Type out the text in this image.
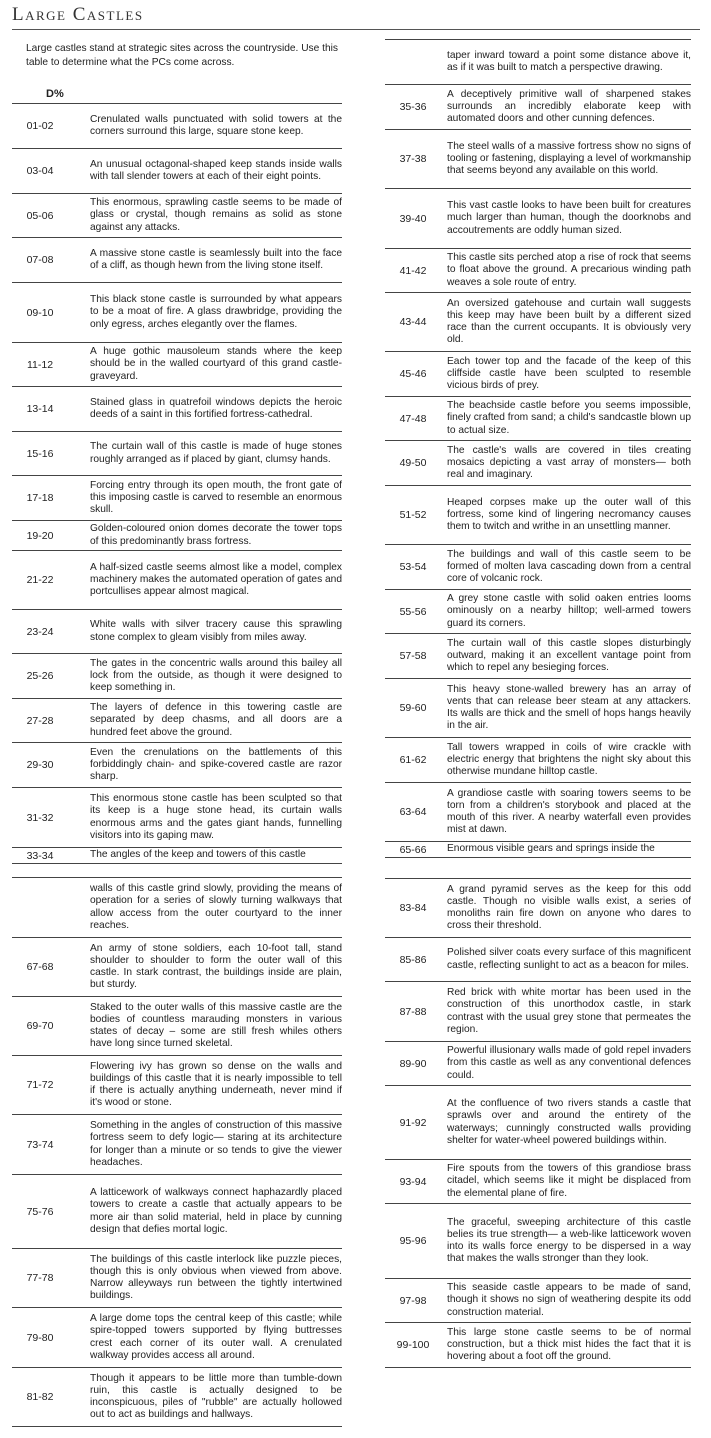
Large Castles
Large castles stand at strategic sites across the countryside. Use this table to determine what the PCs come across.
D%
taper inward toward a point some distance above it, as if it was built to match a perspective drawing.
walls of this castle grind slowly, providing the means of operation for a series of slowly turning walkways that allow access from the outer courtyard to the inner reaches.
01-02
Crenulated walls punctuated with solid towers at the corners surround this large, square stone keep.
03-04
An unusual octagonal-shaped keep stands inside walls with tall slender towers at each of their eight points.
05-06
This enormous, sprawling castle seems to be made of glass or crystal, though remains as solid as stone against any attacks.
07-08
A massive stone castle is seamlessly built into the face of a cliff, as though hewn from the living stone itself.
09-10
This black stone castle is surrounded by what appears to be a moat of fire. A glass drawbridge, providing the only egress, arches elegantly over the flames.
11-12
A huge gothic mausoleum stands where the keep should be in the walled courtyard of this grand castle-graveyard.
13-14
Stained glass in quatrefoil windows depicts the heroic deeds of a saint in this fortified fortress-cathedral.
15-16
The curtain wall of this castle is made of huge stones roughly arranged as if placed by giant, clumsy hands.
17-18
Forcing entry through its open mouth, the front gate of this imposing castle is carved to resemble an enormous skull.
19-20
Golden-coloured onion domes decorate the tower tops of this predominantly brass fortress.
21-22
A half-sized castle seems almost like a model, complex machinery makes the automated operation of gates and portcullises appear almost magical.
23-24
White walls with silver tracery cause this sprawling stone complex to gleam visibly from miles away.
25-26
The gates in the concentric walls around this bailey all lock from the outside, as though it were designed to keep something in.
27-28
The layers of defence in this towering castle are separated by deep chasms, and all doors are a hundred feet above the ground.
29-30
Even the crenulations on the battlements of this forbiddingly chain- and spike-covered castle are razor sharp.
31-32
This enormous stone castle has been sculpted so that its keep is a huge stone head, its curtain walls enormous arms and the gates giant hands, funnelling visitors into its gaping maw.
33-34	The angles of the keep and towers of this castle
35-36
A deceptively primitive wall of sharpened stakes surrounds an incredibly elaborate keep with automated doors and other cunning defences.
37-38
The steel walls of a massive fortress show no signs of tooling or fastening, displaying a level of workmanship that seems beyond any available on this world.
39-40
This vast castle looks to have been built for creatures much larger than human, though the doorknobs and accoutrements are oddly human sized.
41-42
This castle sits perched atop a rise of rock that seems to float above the ground. A precarious winding path weaves a sole route of entry.
43-44
An oversized gatehouse and curtain wall suggests this keep may have been built by a different sized race than the current occupants. It is obviously very old.
45-46
Each tower top and the facade of the keep of this cliffside castle have been sculpted to resemble vicious birds of prey.
47-48
The beachside castle before you seems impossible, finely crafted from sand; a child's sandcastle blown up to actual size.
49-50
The castle's walls are covered in tiles creating mosaics depicting a vast array of monsters— both real and imaginary.
51-52
Heaped corpses make up the outer wall of this fortress, some kind of lingering necromancy causes them to twitch and writhe in an unsettling manner.
53-54
The buildings and wall of this castle seem to be formed of molten lava cascading down from a central core of volcanic rock.
55-56
A grey stone castle with solid oaken entries looms ominously on a nearby hilltop; well-armed towers guard its corners.
57-58
The curtain wall of this castle slopes disturbingly outward, making it an excellent vantage point from which to repel any besieging forces.
59-60
This heavy stone-walled brewery has an array of vents that can release beer steam at any attackers. Its walls are thick and the smell of hops hangs heavily in the air.
61-62
Tall towers wrapped in coils of wire crackle with electric energy that brightens the night sky about this otherwise mundane hilltop castle.
63-64
A grandiose castle with soaring towers seems to be torn from a children's storybook and placed at the mouth of this river. A nearby waterfall even provides mist at dawn.
65-66	Enormous visible gears and springs inside the
67-68
An army of stone soldiers, each 10-foot tall, stand shoulder to shoulder to form the outer wall of this castle. In stark contrast, the buildings inside are plain, but sturdy.
69-70
Staked to the outer walls of this massive castle are the bodies of countless marauding monsters in various states of decay – some are still fresh whiles others have long since turned skeletal.
71-72
Flowering ivy has grown so dense on the walls and buildings of this castle that it is nearly impossible to tell if there is actually anything underneath, never mind if it's wood or stone.
73-74
Something in the angles of construction of this massive fortress seem to defy logic— staring at its architecture for longer than a minute or so tends to give the viewer headaches.
75-76
A latticework of walkways connect haphazardly placed towers to create a castle that actually appears to be more air than solid material, held in place by cunning design that defies mortal logic.
77-78
The buildings of this castle interlock like puzzle pieces, though this is only obvious when viewed from above. Narrow alleyways run between the tightly intertwined buildings.
79-80
A large dome tops the central keep of this castle; while spire-topped towers supported by flying buttresses crest each corner of its outer wall. A crenulated walkway provides access all around.
81-82
Though it appears to be little more than tumble-down ruin, this castle is actually designed to be inconspicuous, piles of "rubble" are actually hollowed out to act as buildings and hallways.
83-84
A grand pyramid serves as the keep for this odd castle. Though no visible walls exist, a series of monoliths rain fire down on anyone who dares to cross their threshold.
85-86
Polished silver coats every surface of this magnificent castle, reflecting sunlight to act as a beacon for miles.
87-88
Red brick with white mortar has been used in the construction of this unorthodox castle, in stark contrast with the usual grey stone that permeates the region.
89-90
Powerful illusionary walls made of gold repel invaders from this castle as well as any conventional defences could.
91-92
At the confluence of two rivers stands a castle that sprawls over and around the entirety of the waterways; cunningly constructed walls providing shelter for water-wheel powered buildings within.
93-94
Fire spouts from the towers of this grandiose brass citadel, which seems like it might be displaced from the elemental plane of fire.
95-96
The graceful, sweeping architecture of this castle belies its true strength— a web-like latticework woven into its walls force energy to be dispersed in a way that makes the walls stronger than they look.
97-98
This seaside castle appears to be made of sand, though it shows no sign of weathering despite its odd construction material.
99-100
This large stone castle seems to be of normal construction, but a thick mist hides the fact that it is hovering about a foot off the ground.
